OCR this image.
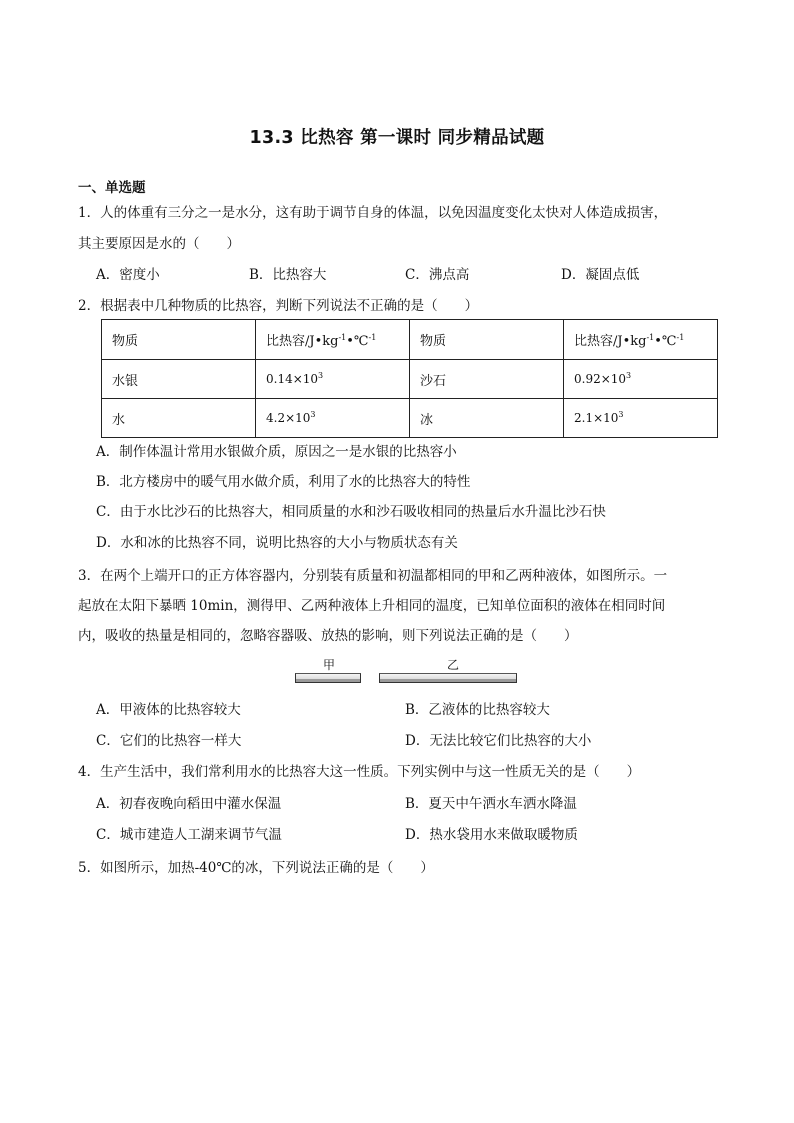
13.3 比热容 第一课时 同步精品试题
一、单选题
1．人的体重有三分之一是水分，这有助于调节自身的体温，以免因温度变化太快对人体造成损害，
其主要原因是水的（　　）
A．密度小	B．比热容大	C．沸点高	D．凝固点低
2．根据表中几种物质的比热容，判断下列说法不正确的是（　　）
物质	比热容$/J•kg^{-1}•℃^{-1}$	物质	比热容$/J•kg^{-1}•℃^{-1}$
水银	$0.14\times 10^3$	沙石	$0.92\times 10^3$
水	$4.2\times 10^3$	冰	$2.1\times 10^3$
A．制作体温计常用水银做介质，原因之一是水银的比热容小
B．北方楼房中的暖气用水做介质，利用了水的比热容大的特性
C．由于水比沙石的比热容大，相同质量的水和沙石吸收相同的热量后水升温比沙石快
D．水和冰的比热容不同，说明比热容的大小与物质状态有关
3．在两个上端开口的正方体容器内，分别装有质量和初温都相同的甲和乙两种液体，如图所示。一
起放在太阳下暴晒 10min，测得甲、乙两种液体上升相同的温度，已知单位面积的液体在相同时间
内，吸收的热量是相同的，忽略容器吸、放热的影响，则下列说法正确的是（　　）
甲	乙
A．甲液体的比热容较大	B．乙液体的比热容较大
C．它们的比热容一样大	D．无法比较它们比热容的大小
4．生产生活中，我们常利用水的比热容大这一性质。下列实例中与这一性质无关的是（　　）
A．初春夜晚向稻田中灌水保温	B．夏天中午洒水车洒水降温
C．城市建造人工湖来调节气温	D．热水袋用水来做取暖物质
5．如图所示，加热-40℃的冰，下列说法正确的是（　　）
